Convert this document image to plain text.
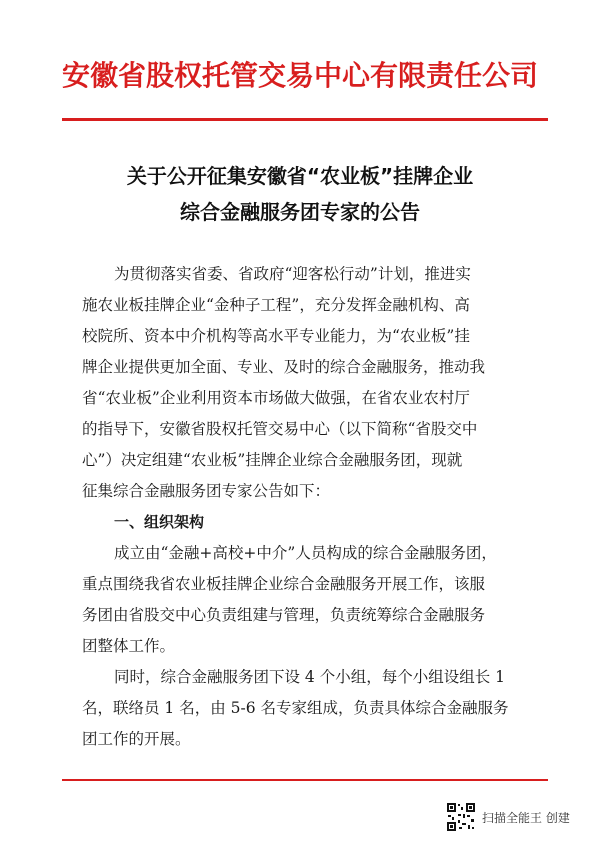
安徽省股权托管交易中心有限责任公司
关于公开征集安徽省“农业板”挂牌企业
综合金融服务团专家的公告
为贯彻落实省委、省政府“迎客松行动”计划，推进实
施农业板挂牌企业“金种子工程”，充分发挥金融机构、高
校院所、资本中介机构等高水平专业能力，为“农业板”挂
牌企业提供更加全面、专业、及时的综合金融服务，推动我
省“农业板”企业利用资本市场做大做强，在省农业农村厅
的指导下，安徽省股权托管交易中心（以下简称“省股交中
心”）决定组建“农业板”挂牌企业综合金融服务团，现就
征集综合金融服务团专家公告如下：
一、组织架构
成立由“金融+高校+中介”人员构成的综合金融服务团，
重点围绕我省农业板挂牌企业综合金融服务开展工作，该服
务团由省股交中心负责组建与管理，负责统筹综合金融服务
团整体工作。
同时，综合金融服务团下设 4 个小组，每个小组设组长 1
名，联络员 1 名，由 5-6 名专家组成，负责具体综合金融服务
团工作的开展。
扫描全能王 创建
